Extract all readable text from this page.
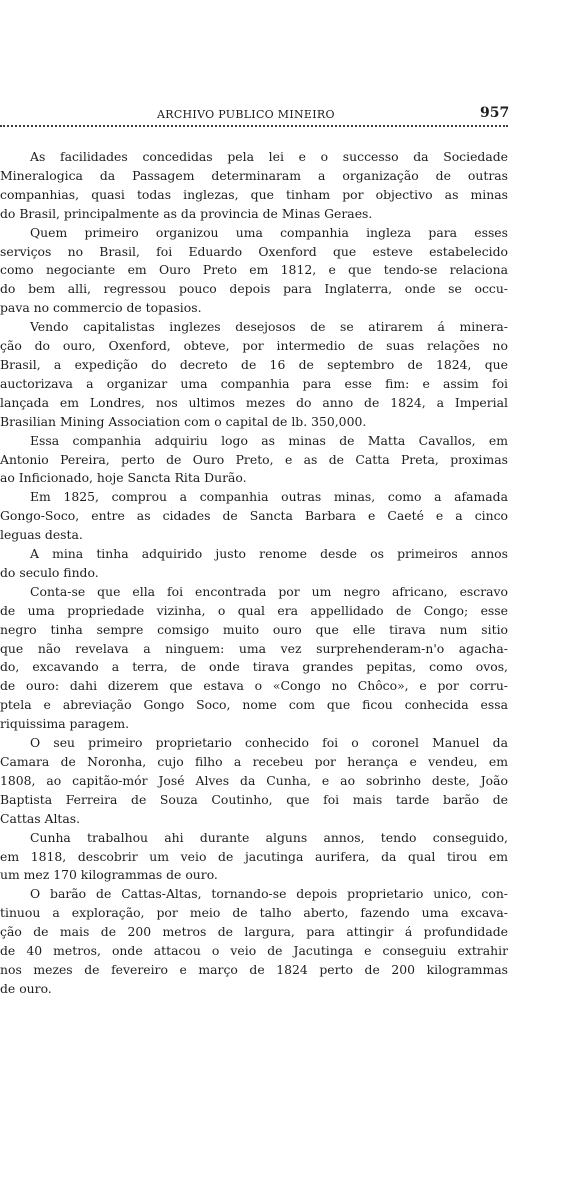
ARCHIVO PUBLICO MINEIRO	957
As facilidades concedidas pela lei e o successo da Sociedade
Mineralogica da Passagem determinaram a organização de outras
companhias, quasi todas inglezas, que tinham por objectivo as minas
do Brasil, principalmente as da provincia de Minas Geraes.
Quem primeiro organizou uma companhia ingleza para esses
serviços no Brasil, foi Eduardo Oxenford que esteve estabelecido
como negociante em Ouro Preto em 1812, e que tendo-se relaciona
do bem alli, regressou pouco depois para Inglaterra, onde se occu-
pava no commercio de topasios.
Vendo capitalistas inglezes desejosos de se atirarem á minera-
ção do ouro, Oxenford, obteve, por intermedio de suas relações no
Brasil, a expedição do decreto de 16 de septembro de 1824, que
auctorizava a organizar uma companhia para esse fim: e assim foi
lançada em Londres, nos ultimos mezes do anno de 1824, a Imperial
Brasilian Mining Association com o capital de lb. 350,000.
Essa companhia adquiriu logo as minas de Matta Cavallos, em
Antonio Pereira, perto de Ouro Preto, e as de Catta Preta, proximas
ao Inficionado, hoje Sancta Rita Durão.
Em 1825, comprou a companhia outras minas, como a afamada
Gongo-Soco, entre as cidades de Sancta Barbara e Caeté e a cinco
leguas desta.
A mina tinha adquirido justo renome desde os primeiros annos
do seculo findo.
Conta-se que ella foi encontrada por um negro africano, escravo
de uma propriedade vizinha, o qual era appellidado de Congo; esse
negro tinha sempre comsigo muito ouro que elle tirava num sitio
que não revelava a ninguem: uma vez surprehenderam-n'o agacha-
do, excavando a terra, de onde tirava grandes pepitas, como ovos,
de ouro: dahi dizerem que estava o «Congo no Chôco», e por corru-
ptela e abreviação Gongo Soco, nome com que ficou conhecida essa
riquissima paragem.
O seu primeiro proprietario conhecido foi o coronel Manuel da
Camara de Noronha, cujo filho a recebeu por herança e vendeu, em
1808, ao capitão-mór José Alves da Cunha, e ao sobrinho deste, João
Baptista Ferreira de Souza Coutinho, que foi mais tarde barão de
Cattas Altas.
Cunha trabalhou ahi durante alguns annos, tendo conseguido,
em 1818, descobrir um veio de jacutinga aurifera, da qual tirou em
um mez 170 kilogrammas de ouro.
O barão de Cattas-Altas, tornando-se depois proprietario unico, con-
tinuou a exploração, por meio de talho aberto, fazendo uma excava-
ção de mais de 200 metros de largura, para attingir á profundidade
de 40 metros, onde attacou o veio de Jacutinga e conseguiu extrahir
nos mezes de fevereiro e março de 1824 perto de 200 kilogrammas
de ouro.
